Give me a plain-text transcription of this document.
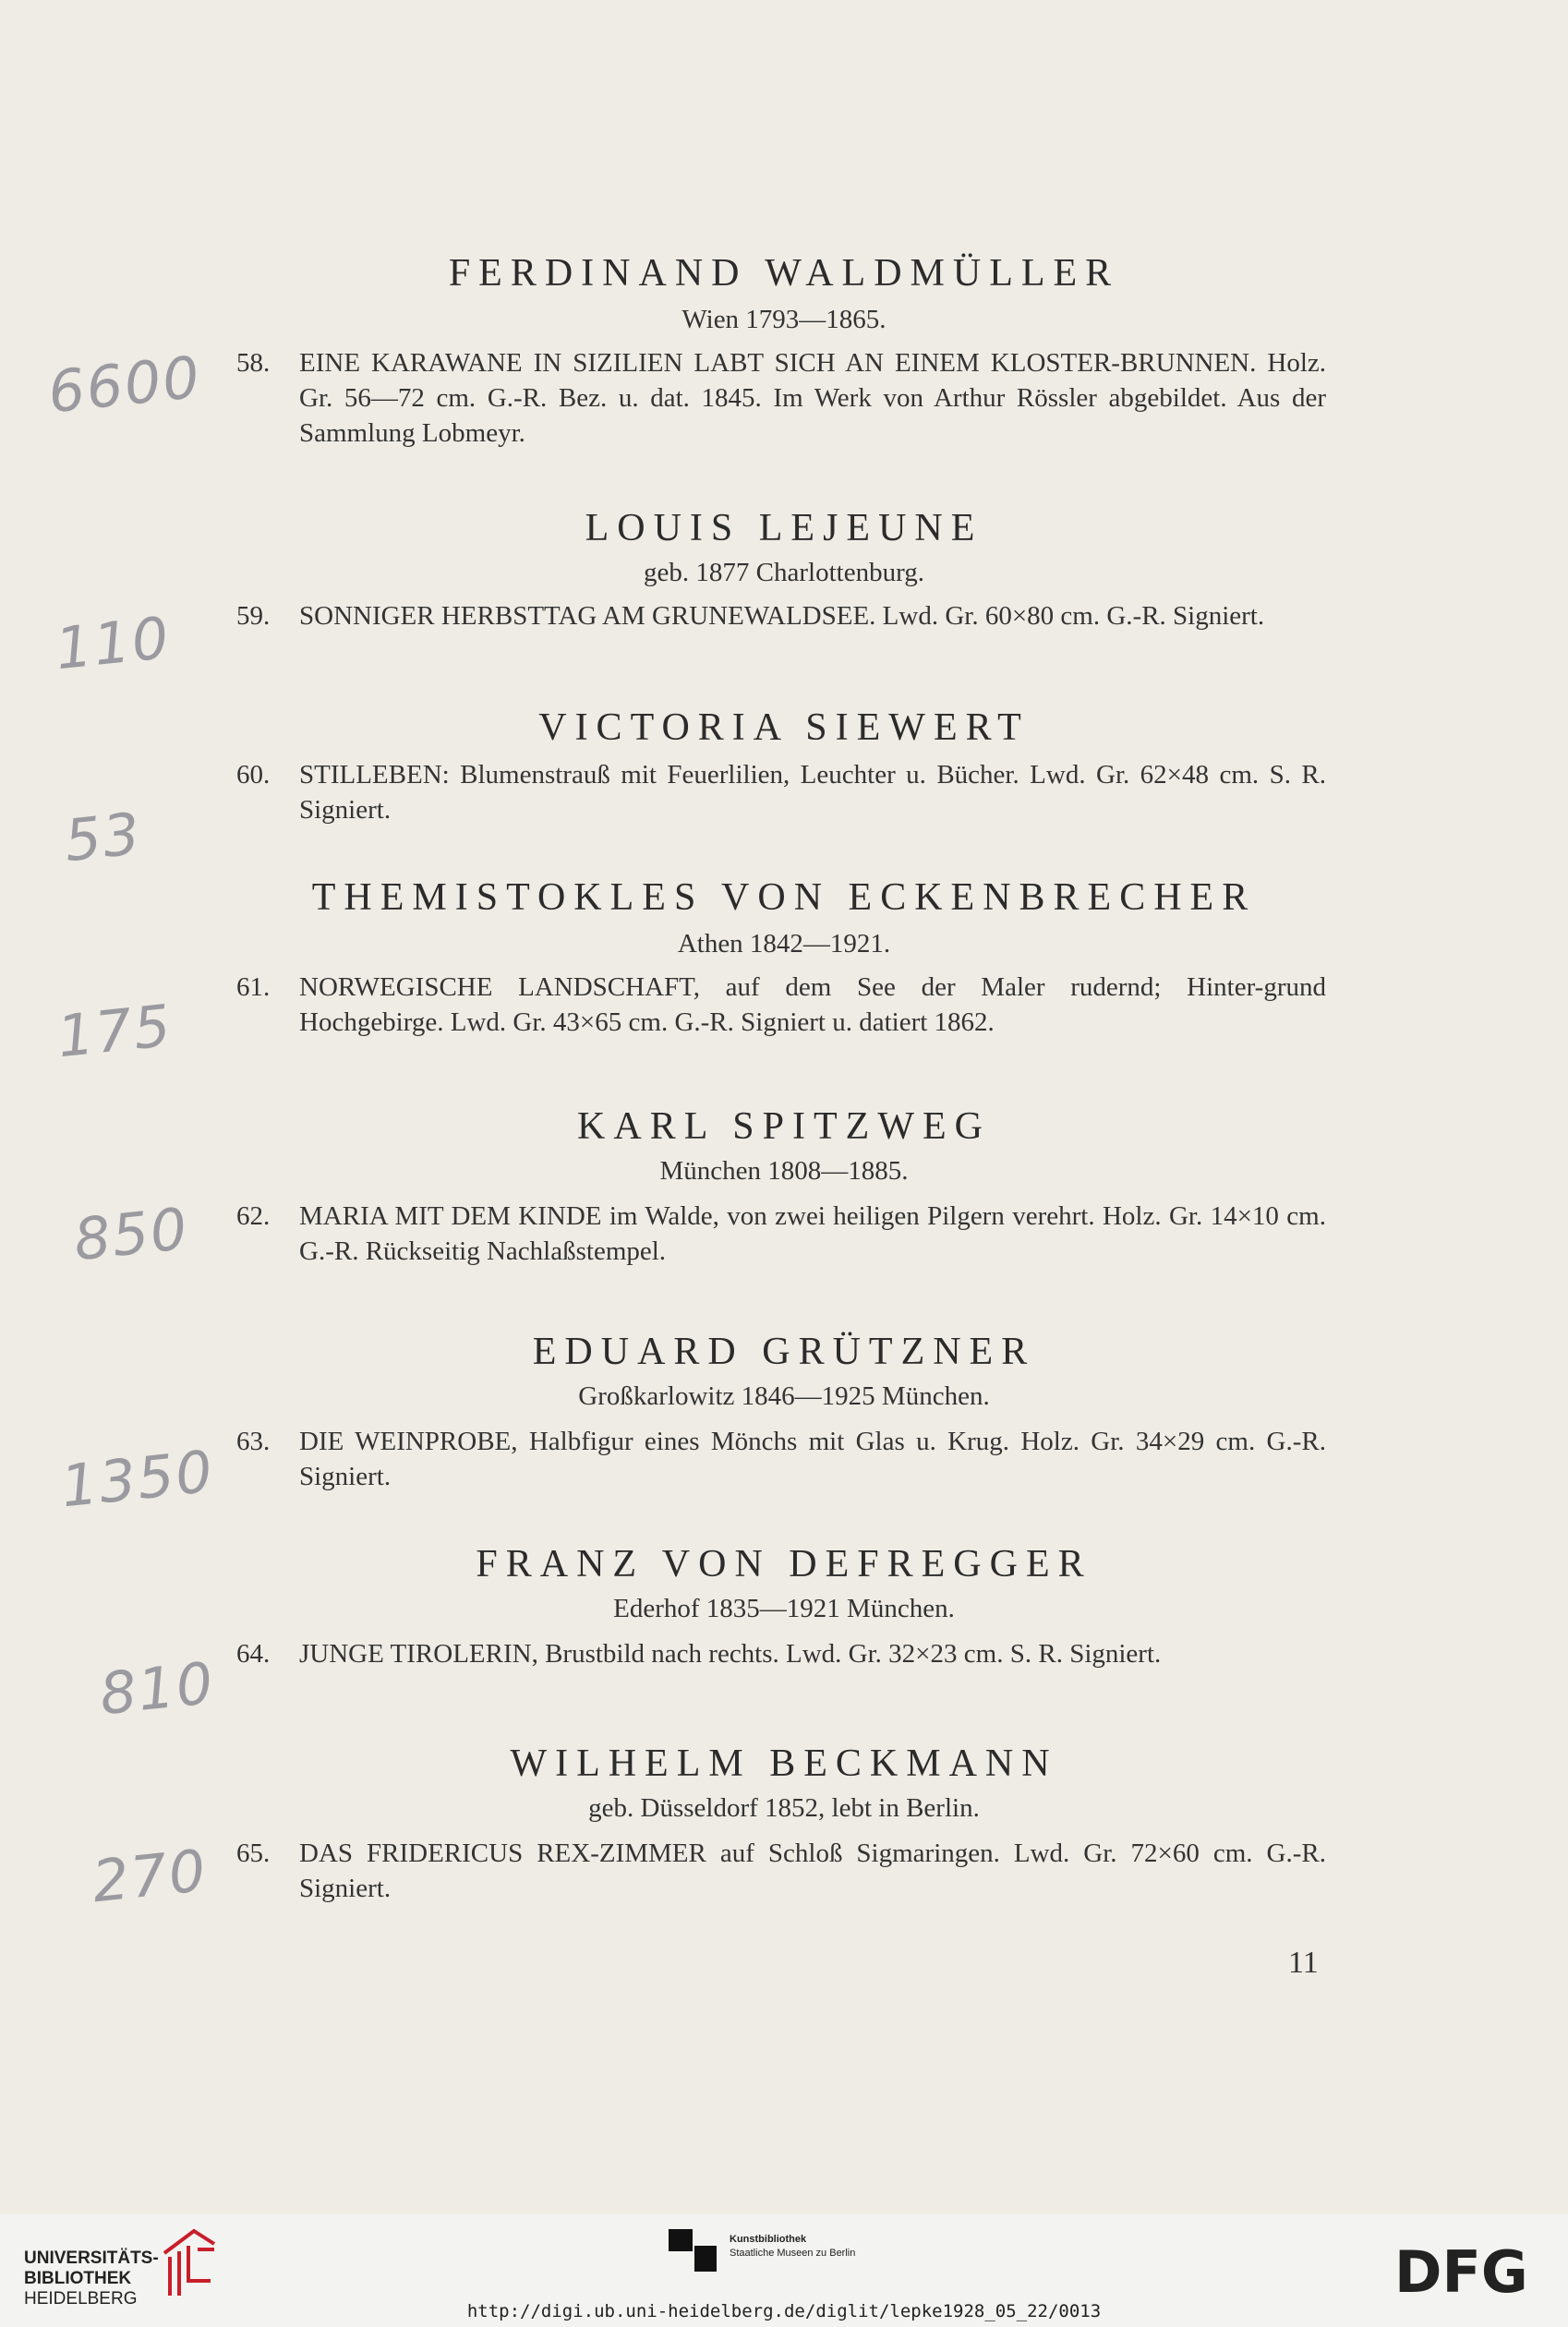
FERDINAND WALDMÜLLER
Wien 1793—1865.
58. EINE KARAWANE IN SIZILIEN LABT SICH AN EINEM KLOSTER-BRUNNEN. Holz. Gr. 56—72 cm. G.-R. Bez. u. dat. 1845. Im Werk von Arthur Rössler abgebildet. Aus der Sammlung Lobmeyr.
6600
LOUIS LEJEUNE
geb. 1877 Charlottenburg.
59. SONNIGER HERBSTTAG AM GRUNEWALDSEE. Lwd. Gr. 60×80 cm. G.-R. Signiert.
110
VICTORIA SIEWERT
60. STILLEBEN: Blumenstrauß mit Feuerlilien, Leuchter u. Bücher. Lwd. Gr. 62×48 cm. S. R. Signiert.
53
THEMISTOKLES VON ECKENBRECHER
Athen 1842—1921.
61. NORWEGISCHE LANDSCHAFT, auf dem See der Maler rudernd; Hinter-grund Hochgebirge. Lwd. Gr. 43×65 cm. G.-R. Signiert u. datiert 1862.
175
KARL SPITZWEG
München 1808—1885.
62. MARIA MIT DEM KINDE im Walde, von zwei heiligen Pilgern verehrt. Holz. Gr. 14×10 cm. G.-R. Rückseitig Nachlaßstempel.
850
EDUARD GRÜTZNER
Großkarlowitz 1846—1925 München.
63. DIE WEINPROBE, Halbfigur eines Mönchs mit Glas u. Krug. Holz. Gr. 34×29 cm. G.-R. Signiert.
1350
FRANZ VON DEFREGGER
Ederhof 1835—1921 München.
64. JUNGE TIROLERIN, Brustbild nach rechts. Lwd. Gr. 32×23 cm. S. R. Signiert.
810
WILHELM BECKMANN
geb. Düsseldorf 1852, lebt in Berlin.
65. DAS FRIDERICUS REX-ZIMMER auf Schloß Sigmaringen. Lwd. Gr. 72×60 cm. G.-R. Signiert.
270
11
UNIVERSITÄTS-
BIBLIOTHEK
HEIDELBERG
Kunstbibliothek
Staatliche Museen zu Berlin	DFG
http://digi.ub.uni-heidelberg.de/diglit/lepke1928_05_22/0013
